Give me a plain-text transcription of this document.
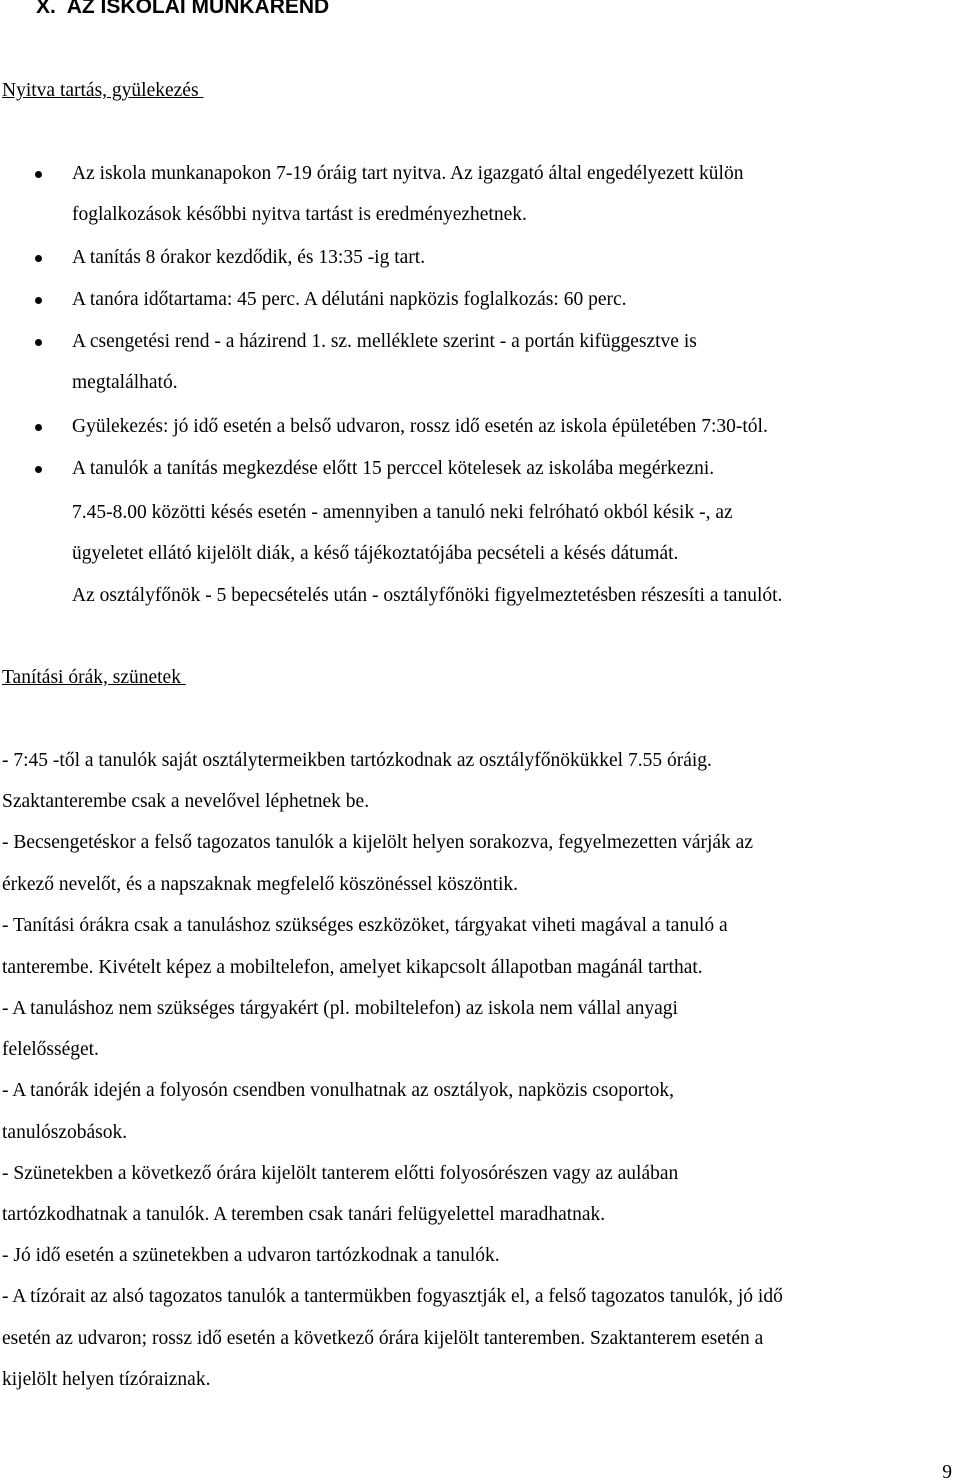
X.  AZ ISKOLAI MUNKAREND
Nyitva tartás, gyülekezés

Az iskola munkanapokon 7-19 óráig tart nyitva. Az igazgató által engedélyezett külön

foglalkozások későbbi nyitva tartást is eredményezhetnek.

A tanítás 8 órakor kezdődik, és 13:35 -ig tart.

A tanóra időtartama: 45 perc. A délutáni napközis foglalkozás: 60 perc.

A csengetési rend - a házirend 1. sz. melléklete szerint - a portán kifüggesztve is

megtalálható.

Gyülekezés: jó idő esetén a belső udvaron, rossz idő esetén az iskola épületében 7:30-tól.

A tanulók a tanítás megkezdése előtt 15 perccel kötelesek az iskolába megérkezni.

7.45-8.00 közötti késés esetén - amennyiben a tanuló neki felróható okból késik -, az

ügyeletet ellátó kijelölt diák, a késő tájékoztatójába pecsételi a késés dátumát.

Az osztályfőnök - 5 bepecsételés után - osztályfőnöki figyelmeztetésben részesíti a tanulót.

Tanítási órák, szünetek

- 7:45 -től a tanulók saját osztálytermeikben tartózkodnak az osztályfőnökükkel 7.55 óráig.

Szaktanterembe csak a nevelővel léphetnek be.

- Becsengetéskor a felső tagozatos tanulók a kijelölt helyen sorakozva, fegyelmezetten várják az

érkező nevelőt, és a napszaknak megfelelő köszönéssel köszöntik.

- Tanítási órákra csak a tanuláshoz szükséges eszközöket, tárgyakat viheti magával a tanuló a

tanterembe. Kivételt képez a mobiltelefon, amelyet kikapcsolt állapotban magánál tarthat.

- A tanuláshoz nem szükséges tárgyakért (pl. mobiltelefon) az iskola nem vállal anyagi

felelősséget.

- A tanórák idején a folyosón csendben vonulhatnak az osztályok, napközis csoportok,

tanulószobások.

- Szünetekben a következő órára kijelölt tanterem előtti folyosórészen vagy az aulában

tartózkodhatnak a tanulók. A teremben csak tanári felügyelettel maradhatnak.

- Jó idő esetén a szünetekben a udvaron tartózkodnak a tanulók.

- A tízórait az alsó tagozatos tanulók a tantermükben fogyasztják el, a felső tagozatos tanulók, jó idő

esetén az udvaron; rossz idő esetén a következő órára kijelölt tanteremben. Szaktanterem esetén a

kijelölt helyen tízóraiznak.

9
